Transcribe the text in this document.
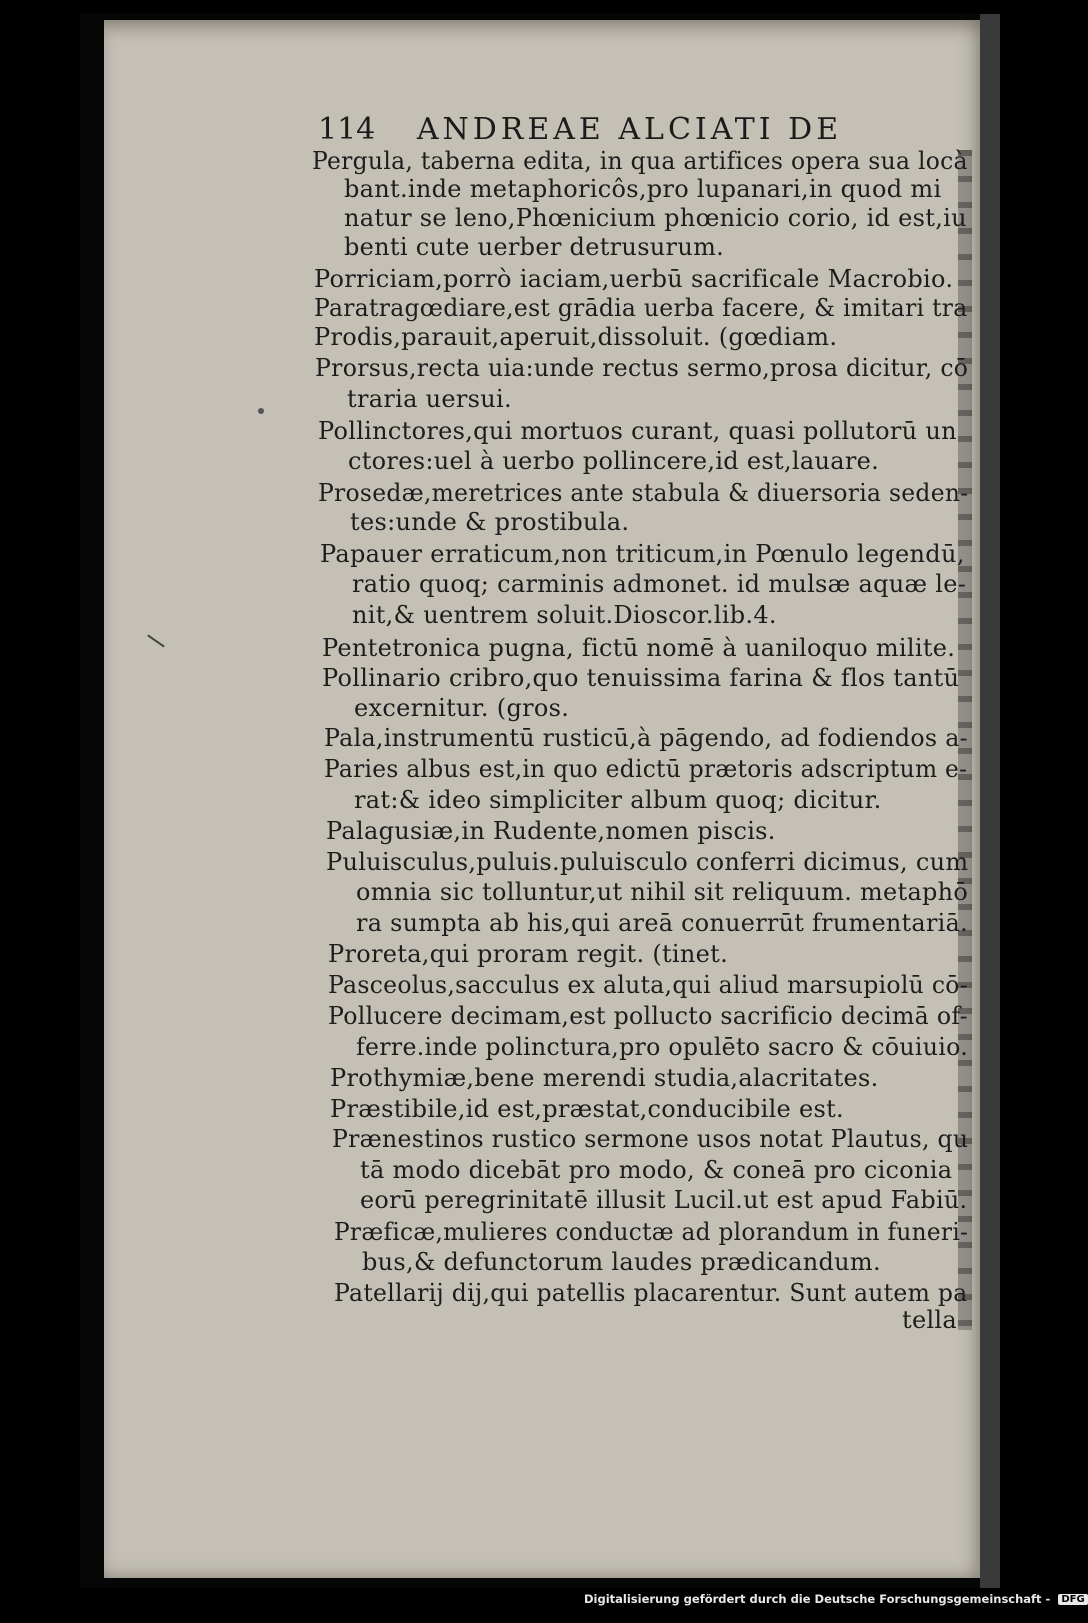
114 ANDREAE ALCIATI DE
Pergula, taberna edita, in qua artifices opera sua locà
bant.inde metaphoricôs,pro lupanari,in quod mi
natur se leno,Phœnicium phœnicio corio, id est,iu
benti cute uerber detrusurum.
Porriciam,porrò iaciam,uerbū sacrificale Macrobio.
Paratragœdiare,est grādia uerba facere, & imitari tra
Prodis,parauit,aperuit,dissoluit. (gœdiam.
Prorsus,recta uia:unde rectus sermo,prosa dicitur, cō
traria uersui.
Pollinctores,qui mortuos curant, quasi pollutorū un
ctores:uel à uerbo pollincere,id est,lauare.
Prosedæ,meretrices ante stabula & diuersoria seden-
tes:unde & prostibula.
Papauer erraticum,non triticum,in Pœnulo legendū,
ratio quoq; carminis admonet. id mulsæ aquæ le-
nit,& uentrem soluit.Dioscor.lib.4.
Pentetronica pugna, fictū nomē à uaniloquo milite.
Pollinario cribro,quo tenuissima farina & flos tantū
excernitur. (gros.
Pala,instrumentū rusticū,à pāgendo, ad fodiendos a-
Paries albus est,in quo edictū prætoris adscriptum e-
rat:& ideo simpliciter album quoq; dicitur.
Palagusiæ,in Rudente,nomen piscis.
Puluisculus,puluis.puluisculo conferri dicimus, cum
omnia sic tolluntur,ut nihil sit reliquum. metaphō
ra sumpta ab his,qui areā conuerrūt frumentariā.
Proreta,qui proram regit. (tinet.
Pasceolus,sacculus ex aluta,qui aliud marsupiolū cō-
Pollucere decimam,est polluctо sacrificio decimā of-
ferre.inde polinctura,pro opulēto sacro & cōuiuio.
Prothymiæ,bene merendi studia,alacritates.
Præstibile,id est,præstat,conducibile est.
Prænestinos rustico sermone usos notat Plautus, qu
tā modo dicebāt pro modo, & coneā pro ciconia
eorū peregrinitatē illusit Lucil.ut est apud Fabiū.
Præficæ,mulieres conductæ ad plorandum in funeri-
bus,& defunctorum laudes prædicandum.
Patellarij dij,qui patellis placarentur. Sunt autem pa
tella
Digitalisierung gefördert durch die Deutsche Forschungsgemeinschaft - DFG
